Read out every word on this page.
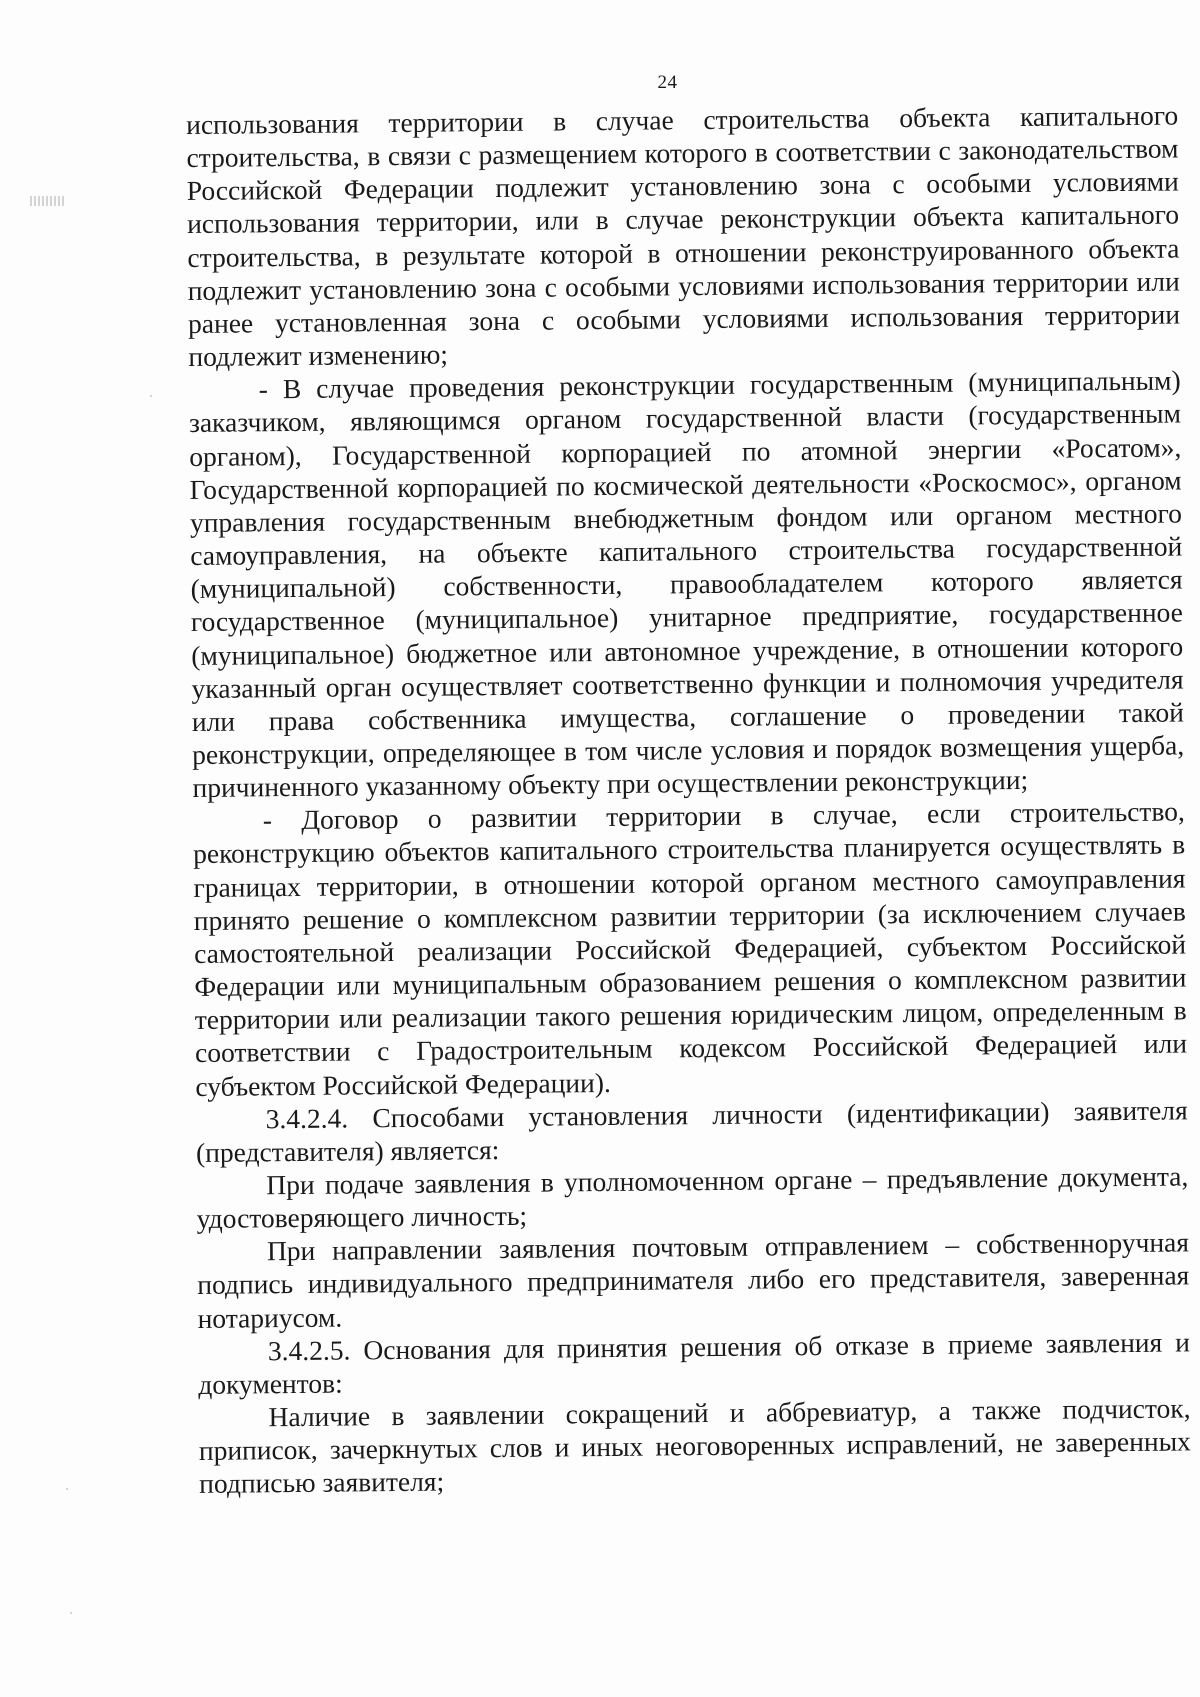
24

использования территории в случае строительства объекта капитального строительства, в связи с размещением которого в соответствии с законодательством Российской Федерации подлежит установлению зона с особыми условиями использования территории, или в случае реконструкции объекта капитального строительства, в результате которой в отношении реконструированного объекта подлежит установлению зона с особыми условиями использования территории или ранее установленная зона с особыми условиями использования территории подлежит изменению;

- В случае проведения реконструкции государственным (муниципальным) заказчиком, являющимся органом государственной власти (государственным органом), Государственной корпорацией по атомной энергии «Росатом», Государственной корпорацией по космической деятельности «Роскосмос», органом управления государственным внебюджетным фондом или органом местного самоуправления, на объекте капитального строительства государственной (муниципальной) собственности, правообладателем которого является государственное (муниципальное) унитарное предприятие, государственное (муниципальное) бюджетное или автономное учреждение, в отношении которого указанный орган осуществляет соответственно функции и полномочия учредителя или права собственника имущества, соглашение о проведении такой реконструкции, определяющее в том числе условия и порядок возмещения ущерба, причиненного указанному объекту при осуществлении реконструкции;

- Договор о развитии территории в случае, если строительство, реконструкцию объектов капитального строительства планируется осуществлять в границах территории, в отношении которой органом местного самоуправления принято решение о комплексном развитии территории (за исключением случаев самостоятельной реализации Российской Федерацией, субъектом Российской Федерации или муниципальным образованием решения о комплексном развитии территории или реализации такого решения юридическим лицом, определенным в соответствии с Градостроительным кодексом Российской Федерацией или субъектом Российской Федерации).

3.4.2.4. Способами установления личности (идентификации) заявителя (представителя) является:

При подаче заявления в уполномоченном органе – предъявление документа, удостоверяющего личность;

При направлении заявления почтовым отправлением – собственноручная подпись индивидуального предпринимателя либо его представителя, заверенная нотариусом.

3.4.2.5. Основания для принятия решения об отказе в приеме заявления и документов:

Наличие в заявлении сокращений и аббревиатур, а также подчисток, приписок, зачеркнутых слов и иных неоговоренных исправлений, не заверенных подписью заявителя;
